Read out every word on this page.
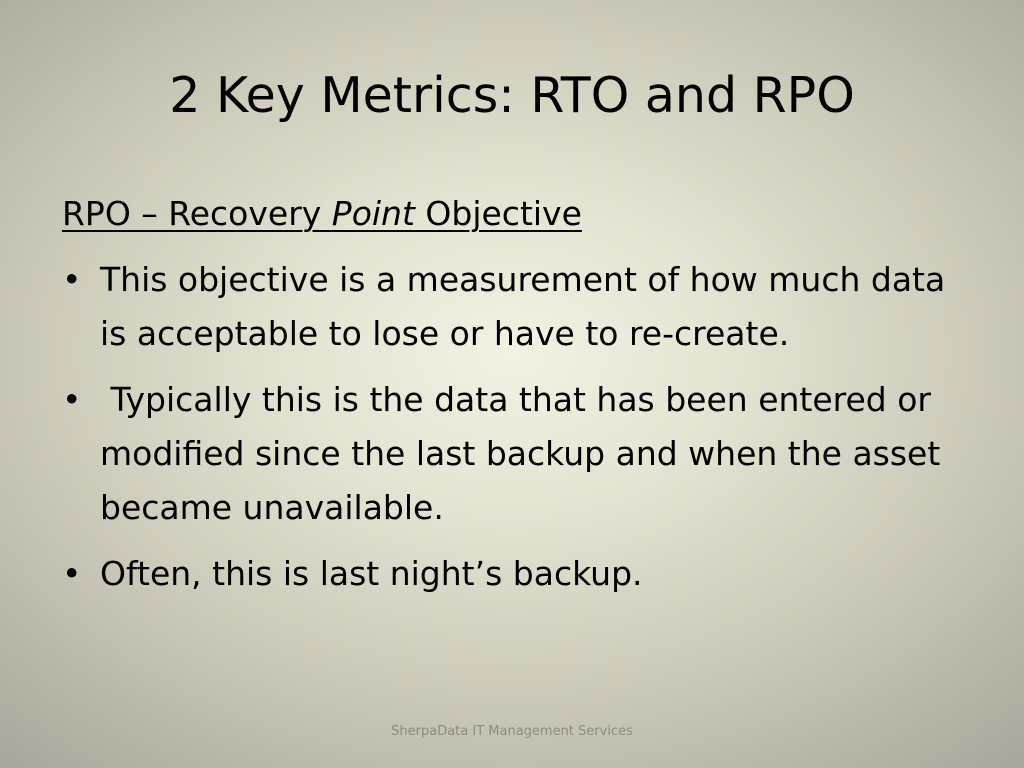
2 Key Metrics: RTO and RPO
RPO – Recovery Point Objective
• This objective is a measurement of how much data is acceptable to lose or have to re-create.
• Typically this is the data that has been entered or modified since the last backup and when the asset became unavailable.
• Often, this is last night’s backup.
SherpaData IT Management Services
